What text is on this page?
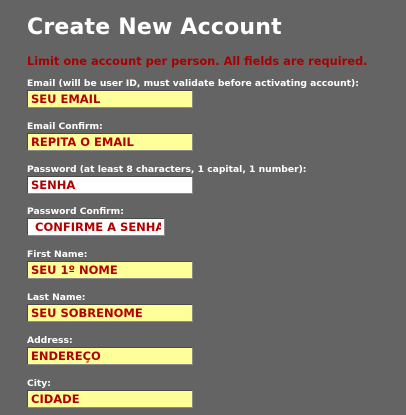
Create New Account
Limit one account per person. All fields are required.
Email (will be user ID, must validate before activating account):
SEU EMAIL
Email Confirm:
REPITA O EMAIL
Password (at least 8 characters, 1 capital, 1 number):
SENHA
Password Confirm:
CONFIRME A SENHA
First Name:
SEU 1º NOME
Last Name:
SEU SOBRENOME
Address:
ENDEREÇO
City:
CIDADE
